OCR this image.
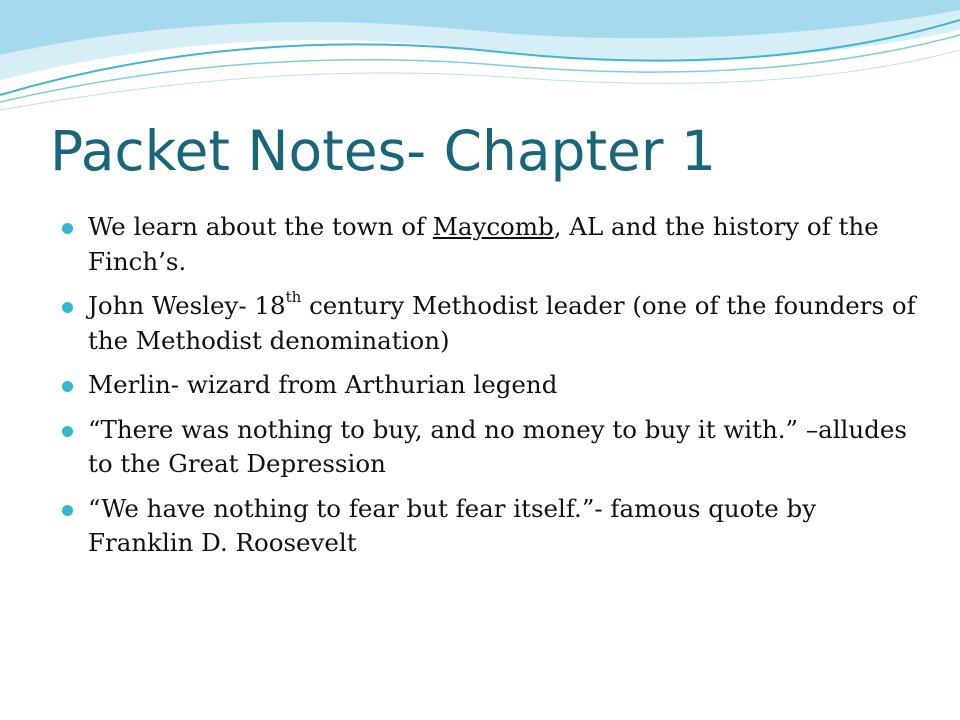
Packet Notes- Chapter 1
We learn about the town of Maycomb, AL and the history of the Finch’s.
John Wesley- 18th century Methodist leader (one of the founders of the Methodist denomination)
Merlin- wizard from Arthurian legend
“There was nothing to buy, and no money to buy it with.” –alludes to the Great Depression
“We have nothing to fear but fear itself.”- famous quote by Franklin D. Roosevelt
